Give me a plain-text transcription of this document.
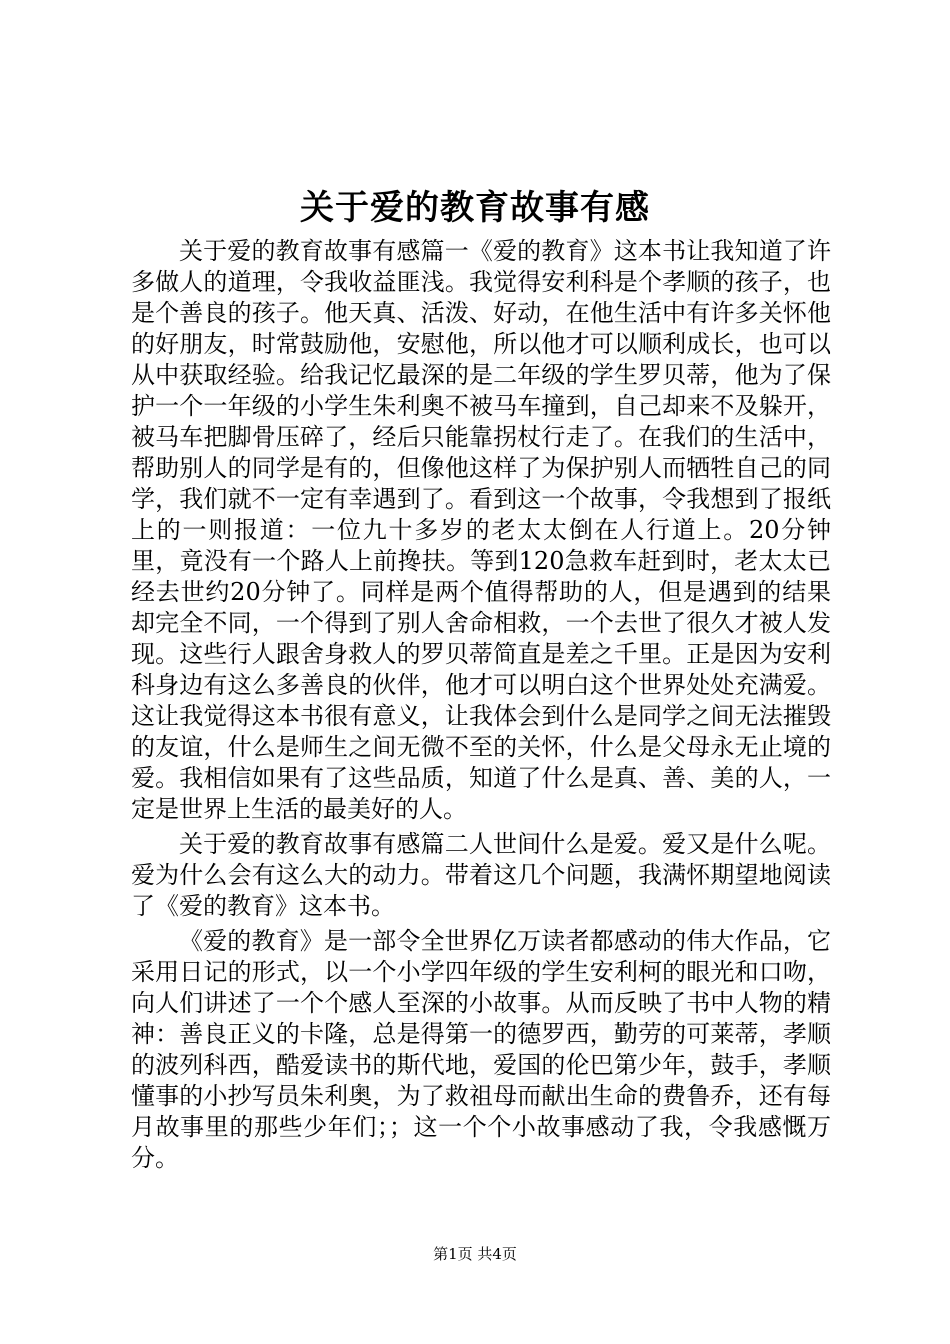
关于爱的教育故事有感

关于爱的教育故事有感篇一《爱的教育》这本书让我知道了许多做人的道理，令我收益匪浅。我觉得安利科是个孝顺的孩子，也是个善良的孩子。他天真、活泼、好动，在他生活中有许多关怀他的好朋友，时常鼓励他，安慰他，所以他才可以顺利成长，也可以从中获取经验。给我记忆最深的是二年级的学生罗贝蒂，他为了保护一个一年级的小学生朱利奥不被马车撞到，自己却来不及躲开，被马车把脚骨压碎了，经后只能靠拐杖行走了。在我们的生活中，帮助别人的同学是有的，但像他这样了为保护别人而牺牲自己的同学，我们就不一定有幸遇到了。看到这一个故事，令我想到了报纸上的一则报道：一位九十多岁的老太太倒在人行道上。20分钟里，竟没有一个路人上前搀扶。等到120急救车赶到时，老太太已经去世约20分钟了。同样是两个值得帮助的人，但是遇到的结果却完全不同，一个得到了别人舍命相救，一个去世了很久才被人发现。这些行人跟舍身救人的罗贝蒂简直是差之千里。正是因为安利科身边有这么多善良的伙伴，他才可以明白这个世界处处充满爱。这让我觉得这本书很有意义，让我体会到什么是同学之间无法摧毁的友谊，什么是师生之间无微不至的关怀，什么是父母永无止境的爱。我相信如果有了这些品质，知道了什么是真、善、美的人，一定是世界上生活的最美好的人。

关于爱的教育故事有感篇二人世间什么是爱。爱又是什么呢。爱为什么会有这么大的动力。带着这几个问题，我满怀期望地阅读了《爱的教育》这本书。

《爱的教育》是一部令全世界亿万读者都感动的伟大作品，它采用日记的形式，以一个小学四年级的学生安利柯的眼光和口吻，向人们讲述了一个个感人至深的小故事。从而反映了书中人物的精神：善良正义的卡隆，总是得第一的德罗西，勤劳的可莱蒂，孝顺的波列科西，酷爱读书的斯代地，爱国的伦巴第少年，鼓手，孝顺懂事的小抄写员朱利奥，为了救祖母而献出生命的费鲁乔，还有每月故事里的那些少年们；；这一个个小故事感动了我，令我感慨万分。

第1页 共4页
